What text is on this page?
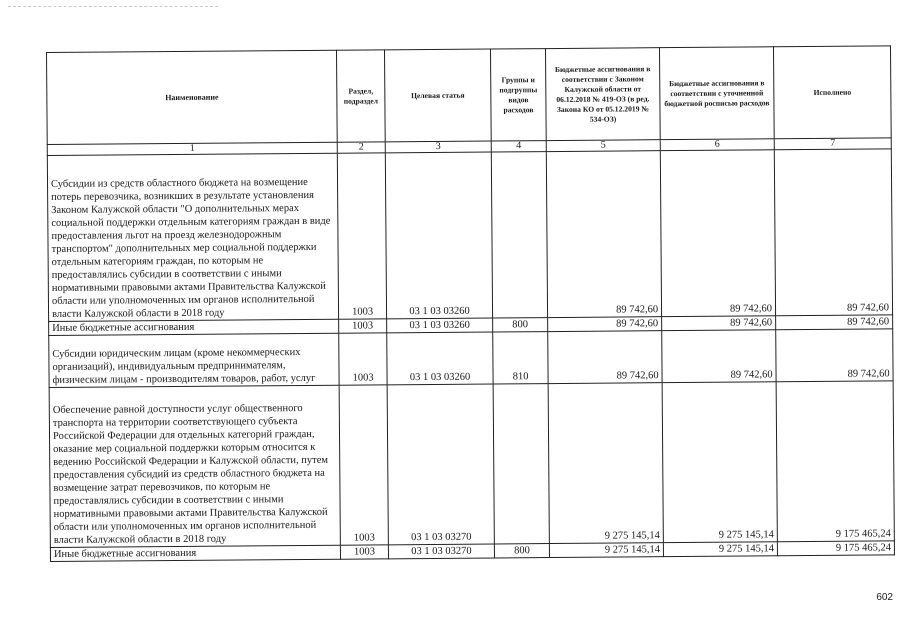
Наименование	Раздел, подраздел	Целевая статья	Группы и подгруппы видов расходов	Бюджетные ассигнования в соответствии с Законом Калужской области от 06.12.2018 № 419-ОЗ (в ред. Закона КО от 05.12.2019 № 534-ОЗ)	Бюджетные ассигнования в соответствии с уточненной бюджетной росписью расходов	Исполнено
1	2	3	4	5	6	7
Субсидии из средств областного бюджета на возмещение потерь перевозчика, возникших в результате установления Законом Калужской области "О дополнительных мерах социальной поддержки отдельным категориям граждан в виде предоставления льгот на проезд железнодорожным транспортом" дополнительных мер социальной поддержки отдельным категориям граждан, по которым не предоставлялись субсидии в соответствии с иными нормативными правовыми актами Правительства Калужской области или уполномоченных им органов исполнительной власти Калужской области в 2018 году	1003	03 1 03 03260		89 742,60	89 742,60	89 742,60
Иные бюджетные ассигнования	1003	03 1 03 03260	800	89 742,60	89 742,60	89 742,60
Субсидии юридическим лицам (кроме некоммерческих организаций), индивидуальным предпринимателям, физическим лицам - производителям товаров, работ, услуг	1003	03 1 03 03260	810	89 742,60	89 742,60	89 742,60
Обеспечение равной доступности услуг общественного транспорта на территории соответствующего субъекта Российской Федерации для отдельных категорий граждан, оказание мер социальной поддержки которым относится к ведению Российской Федерации и Калужской области, путем предоставления субсидий из средств областного бюджета на возмещение затрат перевозчиков, по которым не предоставлялись субсидии в соответствии с иными нормативными правовыми актами Правительства Калужской области или уполномоченных им органов исполнительной власти Калужской области в 2018 году	1003	03 1 03 03270		9 275 145,14	9 275 145,14	9 175 465,24
Иные бюджетные ассигнования	1003	03 1 03 03270	800	9 275 145,14	9 275 145,14	9 175 465,24
602
